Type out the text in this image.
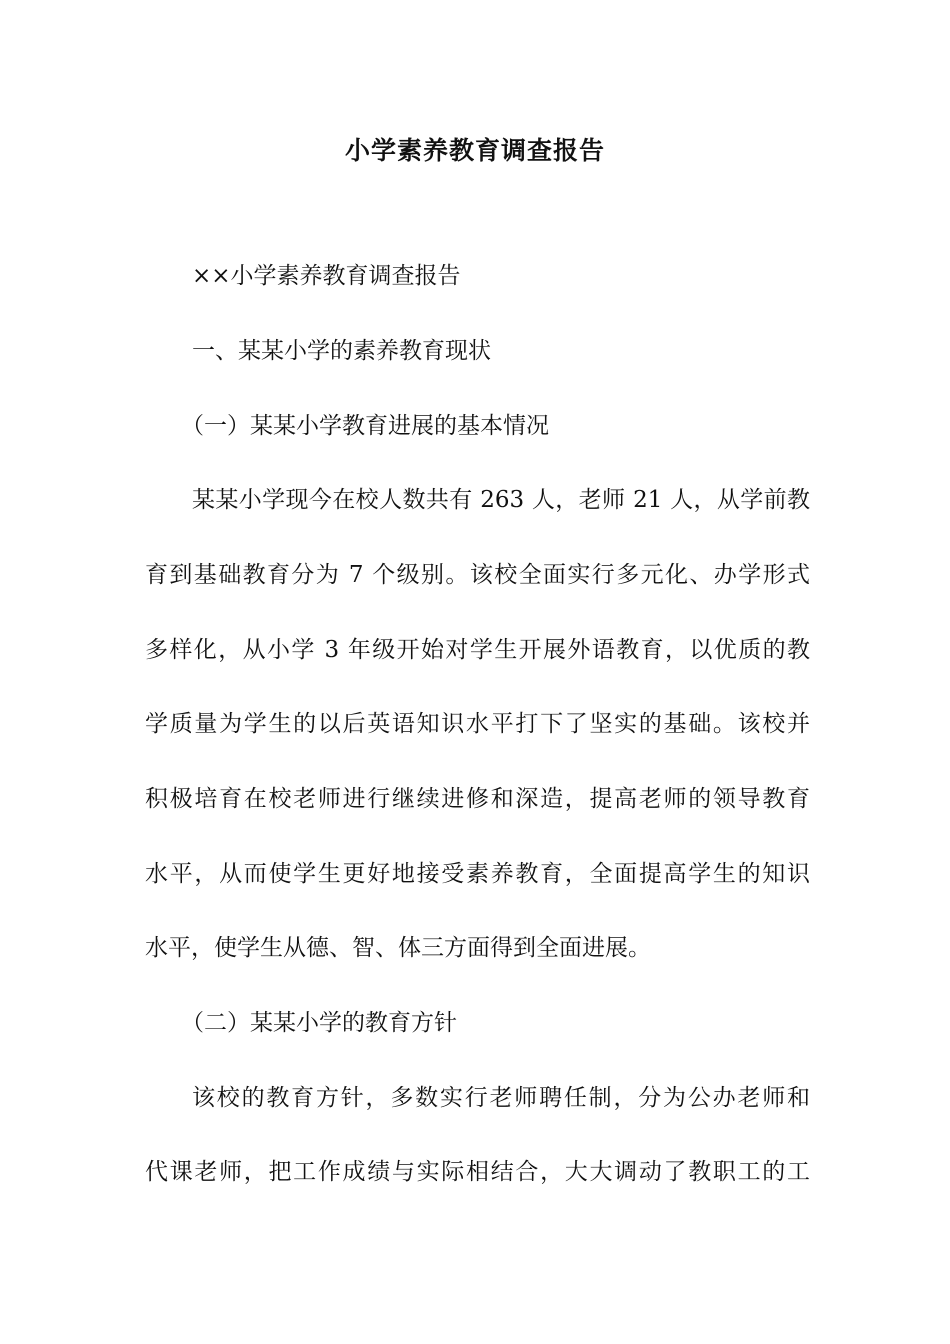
小学素养教育调查报告
××小学素养教育调查报告
一、某某小学的素养教育现状
（一）某某小学教育进展的基本情况
某某小学现今在校人数共有 263 人，老师 21 人，从学前教
育到基础教育分为 7 个级别。该校全面实行多元化、办学形式
多样化，从小学 3 年级开始对学生开展外语教育，以优质的教
学质量为学生的以后英语知识水平打下了坚实的基础。该校并
积极培育在校老师进行继续进修和深造，提高老师的领导教育
水平，从而使学生更好地接受素养教育，全面提高学生的知识
水平，使学生从德、智、体三方面得到全面进展。
（二）某某小学的教育方针
该校的教育方针，多数实行老师聘任制，分为公办老师和
代课老师，把工作成绩与实际相结合，大大调动了教职工的工
